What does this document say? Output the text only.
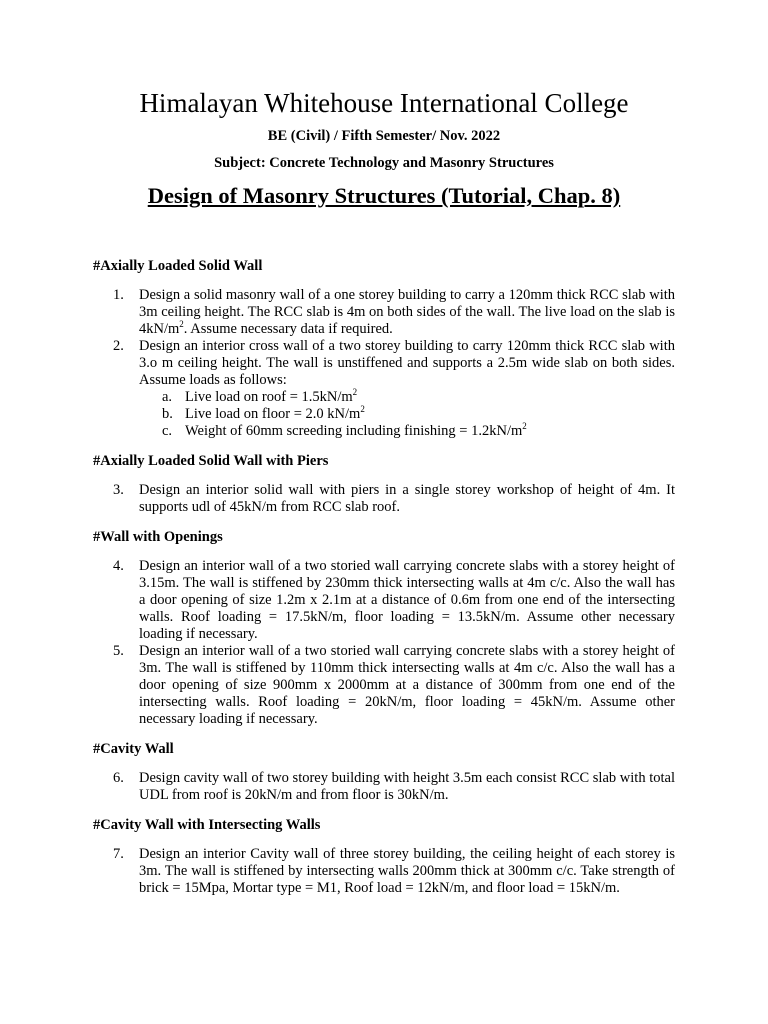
Himalayan Whitehouse International College
BE (Civil) / Fifth Semester/ Nov. 2022
Subject: Concrete Technology and Masonry Structures
Design of Masonry Structures (Tutorial, Chap. 8)
#Axially Loaded Solid Wall
1. Design a solid masonry wall of a one storey building to carry a 120mm thick RCC slab with 3m ceiling height. The RCC slab is 4m on both sides of the wall. The live load on the slab is $4kN/m^2$. Assume necessary data if required.
2. Design an interior cross wall of a two storey building to carry 120mm thick RCC slab with 3.o m ceiling height. The wall is unstiffened and supports a 2.5m wide slab on both sides. Assume loads as follows:
a. Live load on roof = $1.5kN/m^2$
b. Live load on floor = 2.0 $kN/m^2$
c. Weight of 60mm screeding including finishing = $1.2kN/m^2$
#Axially Loaded Solid Wall with Piers
3. Design an interior solid wall with piers in a single storey workshop of height of 4m. It supports udl of 45kN/m from RCC slab roof.
#Wall with Openings
4. Design an interior wall of a two storied wall carrying concrete slabs with a storey height of 3.15m. The wall is stiffened by 230mm thick intersecting walls at 4m c/c. Also the wall has a door opening of size 1.2m x 2.1m at a distance of 0.6m from one end of the intersecting walls. Roof loading = 17.5kN/m, floor loading = 13.5kN/m. Assume other necessary loading if necessary.
5. Design an interior wall of a two storied wall carrying concrete slabs with a storey height of 3m. The wall is stiffened by 110mm thick intersecting walls at 4m c/c. Also the wall has a door opening of size 900mm x 2000mm at a distance of 300mm from one end of the intersecting walls. Roof loading = 20kN/m, floor loading = 45kN/m. Assume other necessary loading if necessary.
#Cavity Wall
6. Design cavity wall of two storey building with height 3.5m each consist RCC slab with total UDL from roof is 20kN/m and from floor is 30kN/m.
#Cavity Wall with Intersecting Walls
7. Design an interior Cavity wall of three storey building, the ceiling height of each storey is 3m. The wall is stiffened by intersecting walls 200mm thick at 300mm c/c. Take strength of brick = 15Mpa, Mortar type = M1, Roof load = 12kN/m, and floor load = 15kN/m.
